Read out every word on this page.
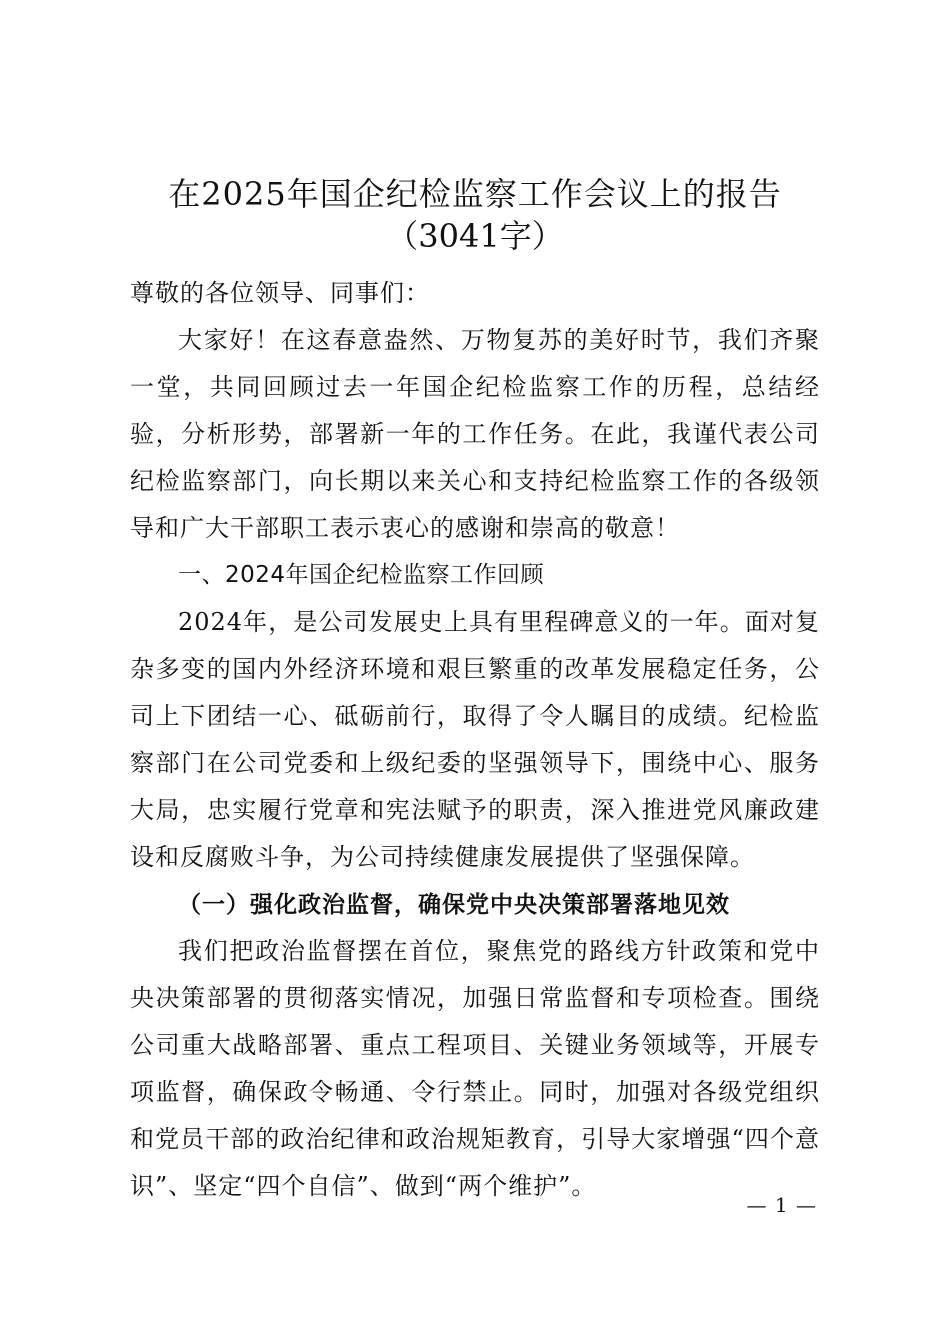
在2025年国企纪检监察工作会议上的报告
（3041字）

尊敬的各位领导、同事们：

大家好！在这春意盎然、万物复苏的美好时节，我们齐聚一堂，共同回顾过去一年国企纪检监察工作的历程，总结经验，分析形势，部署新一年的工作任务。在此，我谨代表公司纪检监察部门，向长期以来关心和支持纪检监察工作的各级领导和广大干部职工表示衷心的感谢和崇高的敬意！

一、2024年国企纪检监察工作回顾

2024年，是公司发展史上具有里程碑意义的一年。面对复杂多变的国内外经济环境和艰巨繁重的改革发展稳定任务，公司上下团结一心、砥砺前行，取得了令人瞩目的成绩。纪检监察部门在公司党委和上级纪委的坚强领导下，围绕中心、服务大局，忠实履行党章和宪法赋予的职责，深入推进党风廉政建设和反腐败斗争，为公司持续健康发展提供了坚强保障。

（一）强化政治监督，确保党中央决策部署落地见效

我们把政治监督摆在首位，聚焦党的路线方针政策和党中央决策部署的贯彻落实情况，加强日常监督和专项检查。围绕公司重大战略部署、重点工程项目、关键业务领域等，开展专项监督，确保政令畅通、令行禁止。同时，加强对各级党组织和党员干部的政治纪律和政治规矩教育，引导大家增强“四个意识”、坚定“四个自信”、做到“两个维护”。

— 1 —
